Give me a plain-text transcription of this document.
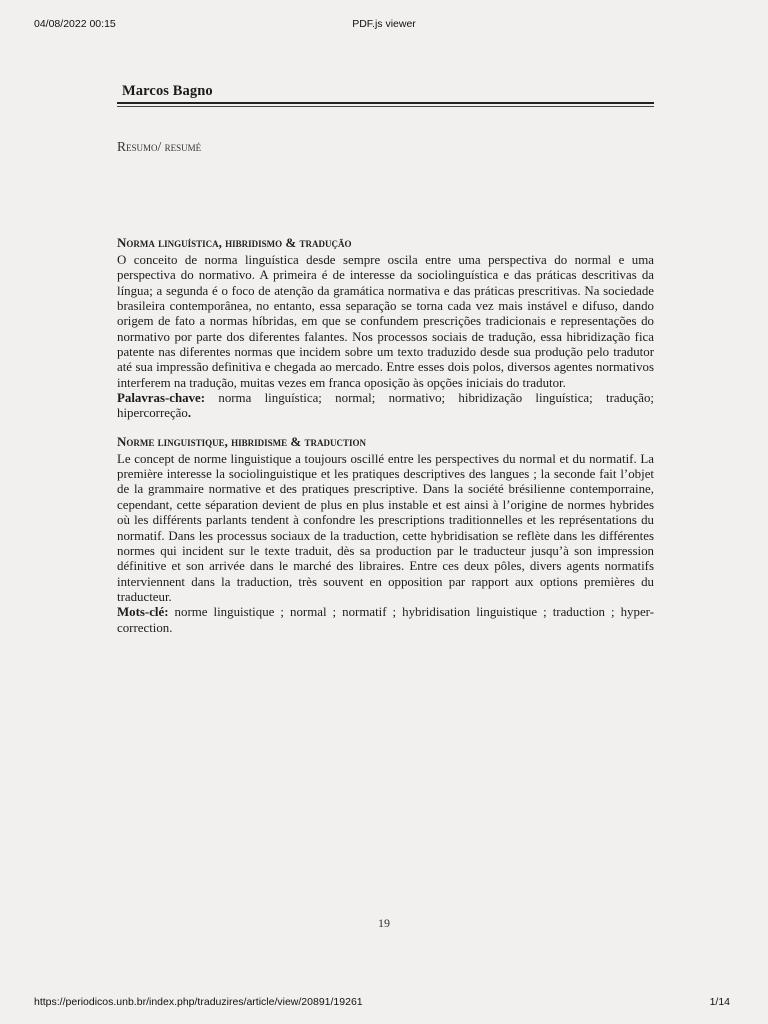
04/08/2022 00:15	PDF.js viewer
Marcos Bagno
Resumo/ resumé
Norma linguística, hibridismo & tradução

O conceito de norma linguística desde sempre oscila entre uma perspectiva do normal e uma perspectiva do normativo. A primeira é de interesse da sociolinguística e das práticas descritivas da língua; a segunda é o foco de atenção da gramática normativa e das práticas prescritivas. Na sociedade brasileira contemporânea, no entanto, essa separação se torna cada vez mais instável e difuso, dando origem de fato a normas híbridas, em que se confundem prescrições tradicionais e representações do normativo por parte dos diferentes falantes. Nos processos sociais de tradução, essa hibridização fica patente nas diferentes normas que incidem sobre um texto traduzido desde sua produção pelo tradutor até sua impressão definitiva e chegada ao mercado. Entre esses dois polos, diversos agentes normativos interferem na tradução, muitas vezes em franca oposição às opções iniciais do tradutor.

Palavras-chave: norma linguística; normal; normativo; hibridização linguística; tradução; hipercorreção.

Norme linguistique, hibridisme & traduction

Le concept de norme linguistique a toujours oscillé entre les perspectives du normal et du normatif. La première interesse la sociolinguistique et les pratiques descriptives des langues ; la seconde fait l’objet de la grammaire normative et des pratiques prescriptive. Dans la société brésilienne contemporraine, cependant, cette séparation devient de plus en plus instable et est ainsi à l’origine de normes hybrides où les différents parlants tendent à confondre les prescriptions traditionnelles et les représentations du normatif. Dans les processus sociaux de la traduction, cette hybridisation se reflète dans les différentes normes qui incident sur le texte traduit, dès sa production par le traducteur jusqu’à son impression définitive et son arrivée dans le marché des libraires. Entre ces deux pôles, divers agents normatifs interviennent dans la traduction, très souvent en opposition par rapport aux options premières du traducteur.

Mots-clé: norme linguistique ; normal ; normatif ; hybridisation linguistique ; traduction ; hyper-correction.

19
https://periodicos.unb.br/index.php/traduzires/article/view/20891/19261	1/14
